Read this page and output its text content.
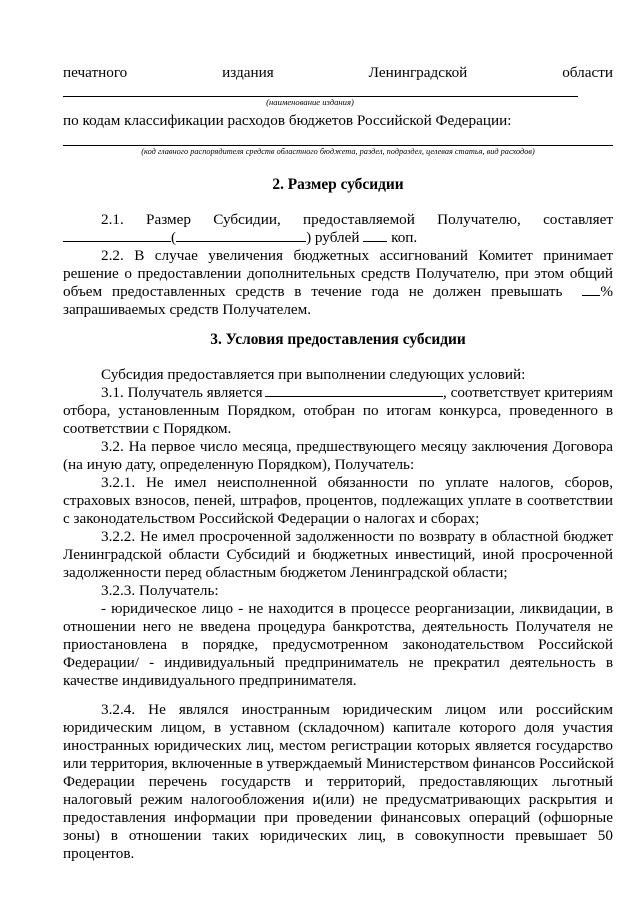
печатного	издания	Ленинградской	области
(наименование издания)
по кодам классификации расходов бюджетов Российской Федерации:
(код главного распорядителя средств областного бюджета, раздел, подраздел, целевая статья, вид расходов)
2. Размер субсидии
2.1. Размер Субсидии, предоставляемой Получателю, составляет
(	) рублей коп.
2.2. В случае увеличения бюджетных ассигнований Комитет принимает
решение о предоставлении дополнительных средств Получателю, при этом общий
объем предоставленных средств в течение года не должен превышать	%
запрашиваемых средств Получателем.
3. Условия предоставления субсидии
Субсидия предоставляется при выполнении следующих условий:
3.1. Получатель является	, соответствует критериям
отбора, установленным Порядком, отобран по итогам конкурса, проведенного в
соответствии с Порядком.
3.2. На первое число месяца, предшествующего месяцу заключения Договора
(на иную дату, определенную Порядком), Получатель:
3.2.1. Не имел неисполненной обязанности по уплате налогов, сборов,
страховых взносов, пеней, штрафов, процентов, подлежащих уплате в соответствии
с законодательством Российской Федерации о налогах и сборах;
3.2.2. Не имел просроченной задолженности по возврату в областной бюджет
Ленинградской области Субсидий и бюджетных инвестиций, иной просроченной
задолженности перед областным бюджетом Ленинградской области;
3.2.3. Получатель:
- юридическое лицо - не находится в процессе реорганизации, ликвидации, в
отношении него не введена процедура банкротства, деятельность Получателя не
приостановлена в порядке, предусмотренном законодательством Российской
Федерации/ - индивидуальный предприниматель не прекратил деятельность в
качестве индивидуального предпринимателя.
3.2.4. Не являлся иностранным юридическим лицом или российским
юридическим лицом, в уставном (складочном) капитале которого доля участия
иностранных юридических лиц, местом регистрации которых является государство
или территория, включенные в утверждаемый Министерством финансов Российской
Федерации перечень государств и территорий, предоставляющих льготный
налоговый режим налогообложения и(или) не предусматривающих раскрытия и
предоставления информации при проведении финансовых операций (офшорные
зоны) в отношении таких юридических лиц, в совокупности превышает 50
процентов.
